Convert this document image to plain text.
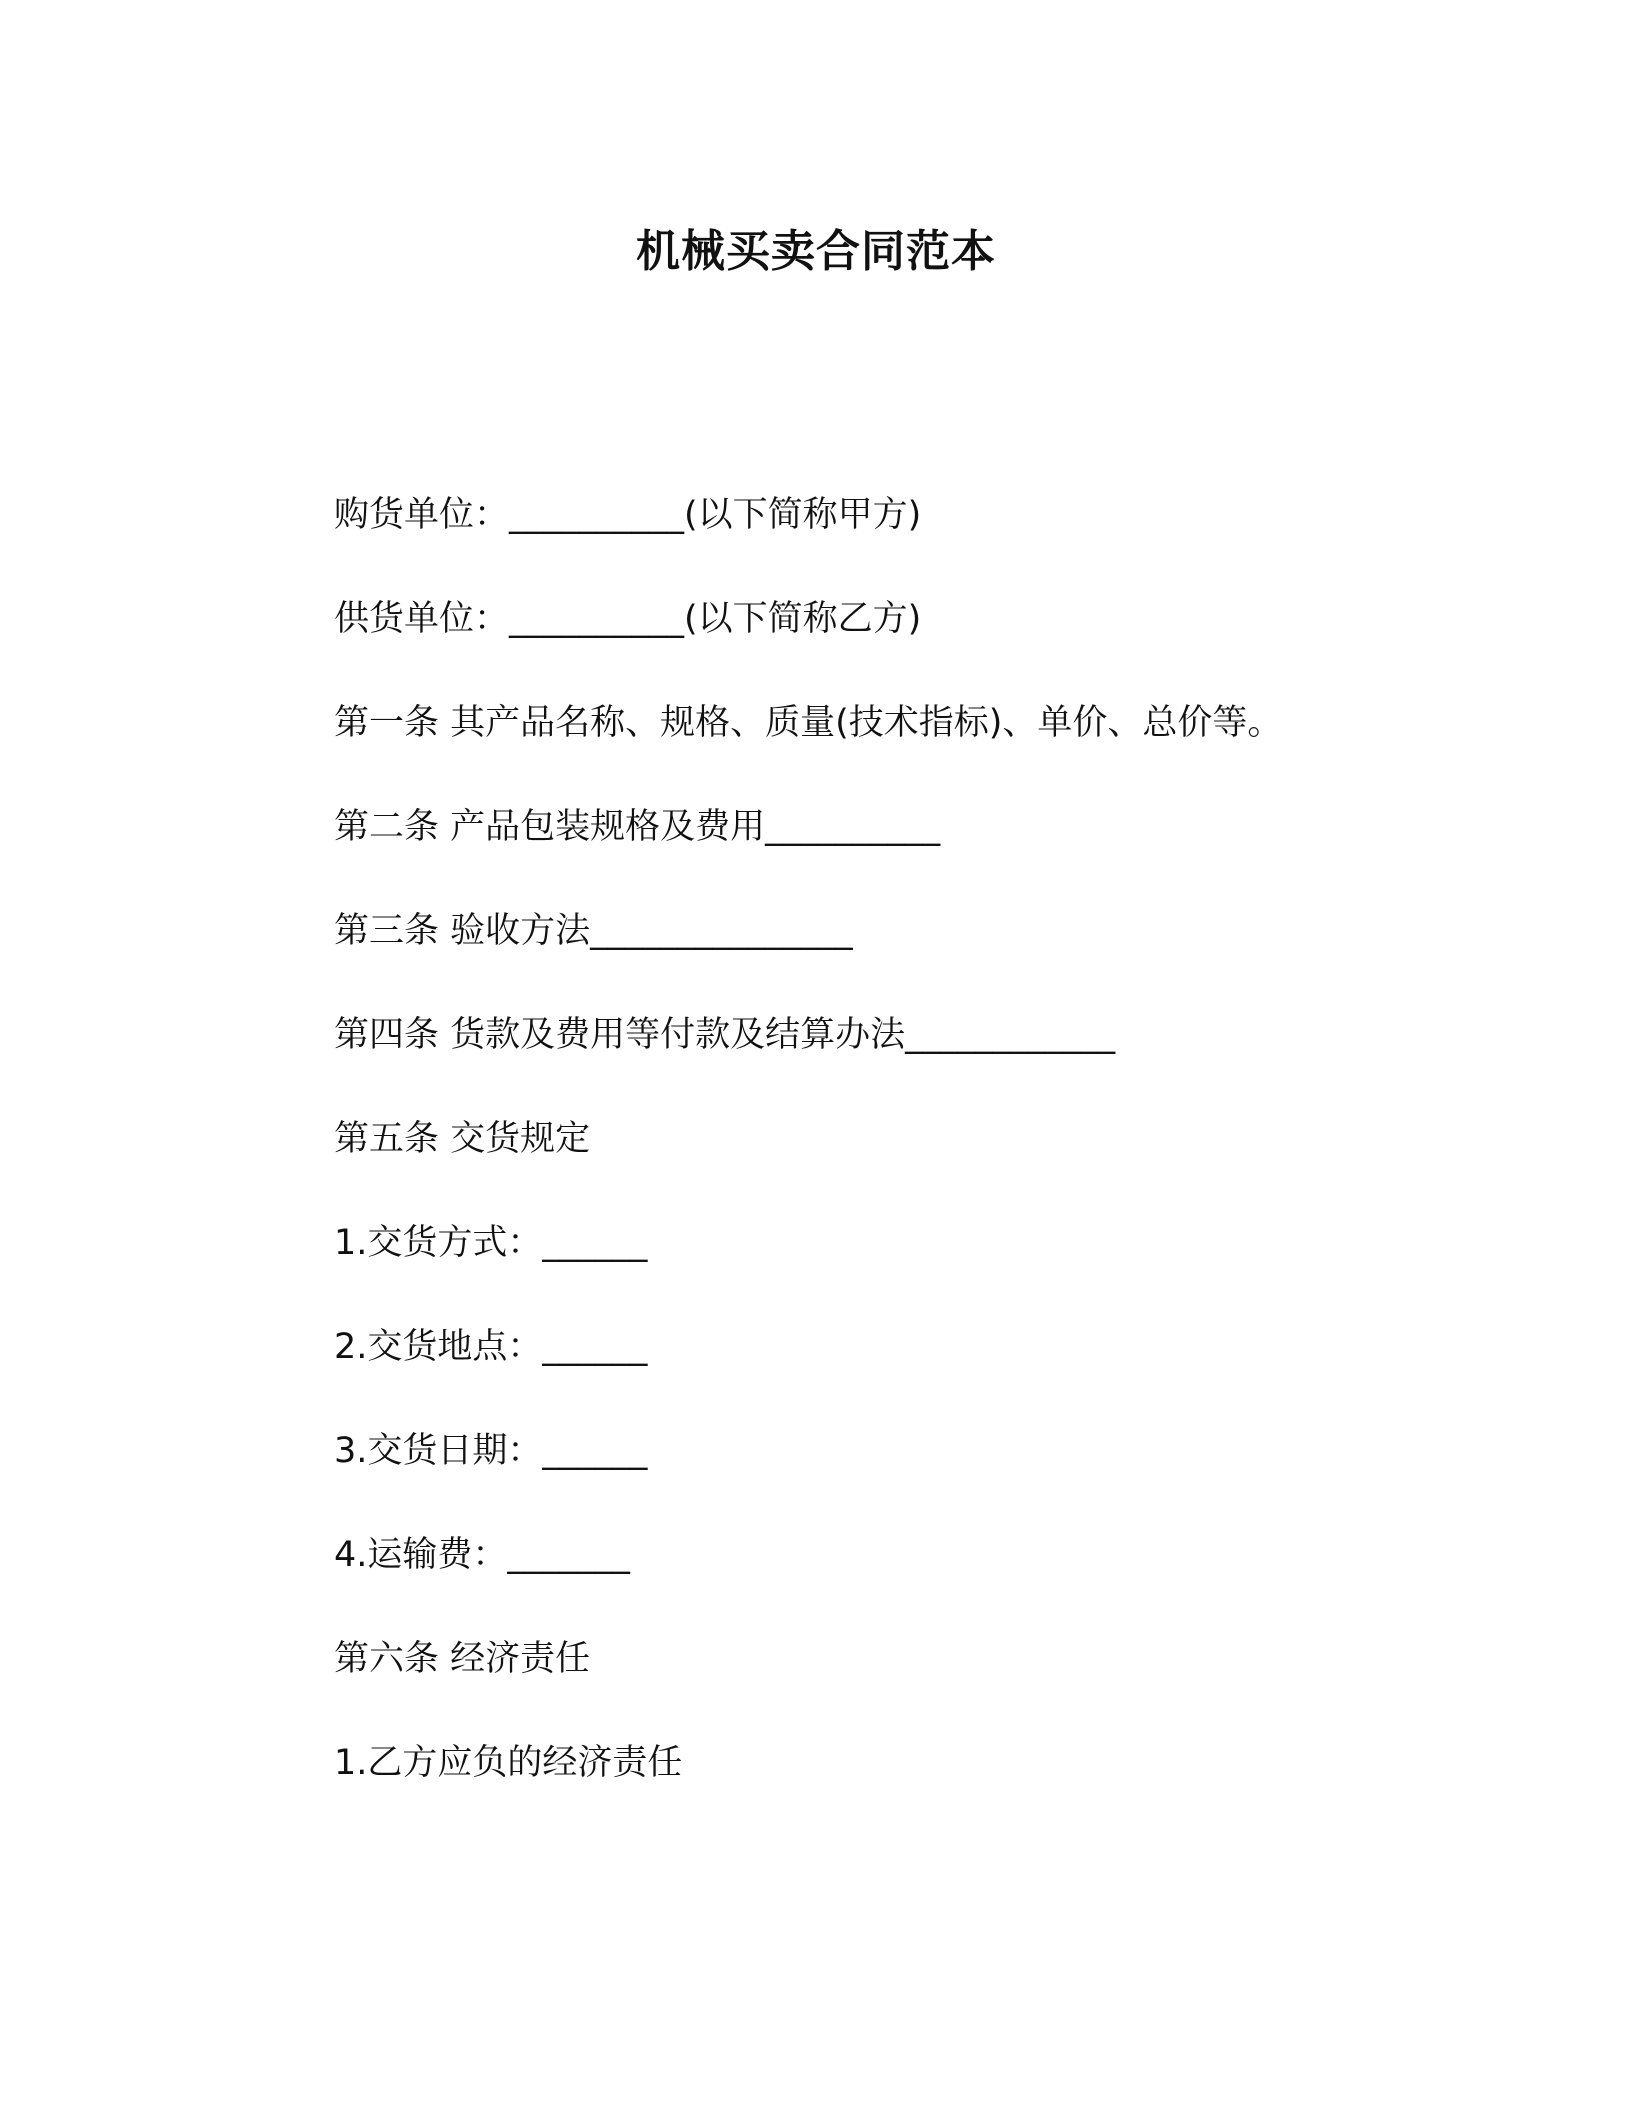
机械买卖合同范本
购货单位：__________(以下简称甲方)
供货单位：__________(以下简称乙方)
第一条 其产品名称、规格、质量(技术指标)、单价、总价等。
第二条 产品包装规格及费用__________
第三条 验收方法_______________
第四条 货款及费用等付款及结算办法____________
第五条 交货规定
1.交货方式：______
2.交货地点：______
3.交货日期：______
4.运输费：_______
第六条 经济责任
1.乙方应负的经济责任
